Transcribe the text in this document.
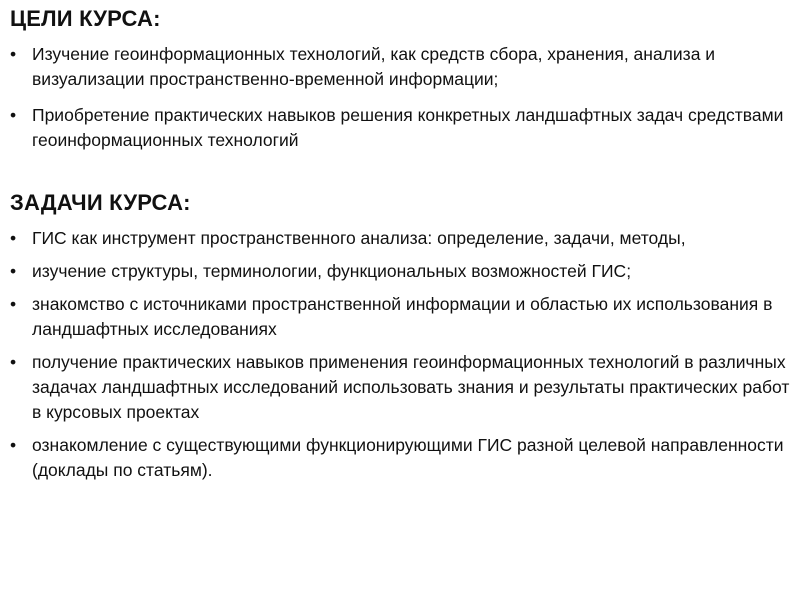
ЦЕЛИ КУРСА:
• Изучение геоинформационных технологий, как средств сбора, хранения, анализа и визуализации пространственно-временной информации;
• Приобретение практических навыков решения конкретных ландшафтных задач средствами геоинформационных технологий
ЗАДАЧИ КУРСА:
• ГИС как инструмент пространственного анализа: определение, задачи, методы,
• изучение структуры, терминологии, функциональных возможностей ГИС;
• знакомство с источниками пространственной информации и областью их использования в ландшафтных исследованиях
• получение практических навыков применения геоинформационных технологий в различных задачах ландшафтных исследований использовать знания и результаты практических работ в курсовых проектах
• ознакомление с существующими функционирующими ГИС разной целевой направленности (доклады по статьям).
